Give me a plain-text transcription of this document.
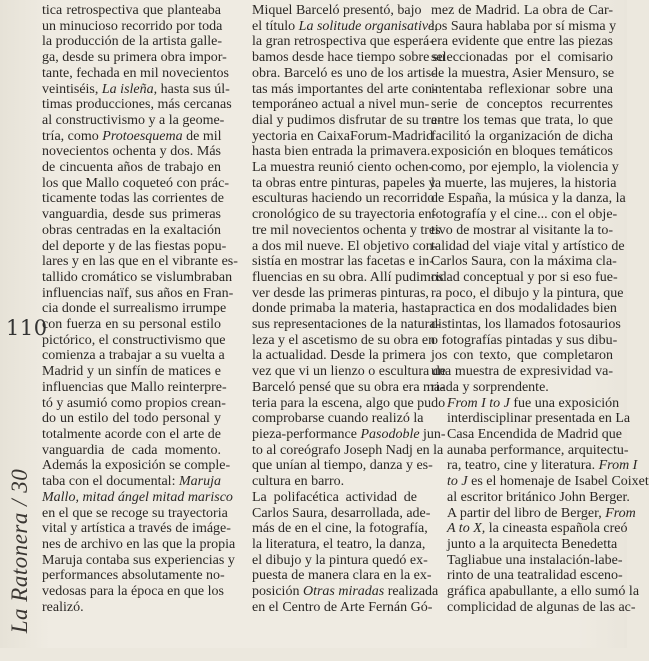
110
La Ratonera / 30

tica retrospectiva que planteaba
un minucioso recorrido por toda
la producción de la artista galle-
ga, desde su primera obra impor-
tante, fechada en mil novecientos
veintiséis, La isleña, hasta sus úl-
timas producciones, más cercanas
al constructivismo y a la geome-
tría, como Protoesquema de mil
novecientos ochenta y dos. Más
de cincuenta años de trabajo en
los que Mallo coqueteó con prác-
ticamente todas las corrientes de
vanguardia, desde sus primeras
obras centradas en la exaltación
del deporte y de las fiestas popu-
lares y en las que en el vibrante es-
tallido cromático se vislumbraban
influencias naïf, sus años en Fran-
cia donde el surrealismo irrumpe
con fuerza en su personal estilo
pictórico, el constructivismo que
comienza a trabajar a su vuelta a
Madrid y un sinfín de matices e
influencias que Mallo reinterpre-
tó y asumió como propios crean-
do un estilo del todo personal y
totalmente acorde con el arte de
vanguardia de cada momento.
Además la exposición se comple-
taba con el documental: Maruja
Mallo, mitad ángel mitad marisco
en el que se recoge su trayectoria
vital y artística a través de imáge-
nes de archivo en las que la propia
Maruja contaba sus experiencias y
performances absolutamente no-
vedosas para la época en que los
realizó.

Miquel Barceló presentó, bajo
el título La solitude organisative,
la gran retrospectiva que esperá-
bamos desde hace tiempo sobre su
obra. Barceló es uno de los artis-
tas más importantes del arte con-
temporáneo actual a nivel mun-
dial y pudimos disfrutar de su tra-
yectoria en CaixaForum-Madrid
hasta bien entrada la primavera.
La muestra reunió ciento ochen-
ta obras entre pinturas, papeles y
esculturas haciendo un recorrido
cronológico de su trayectoria en-
tre mil novecientos ochenta y tres
a dos mil nueve. El objetivo con-
sistía en mostrar las facetas e in-
fluencias en su obra. Allí pudimos
ver desde las primeras pinturas,
donde primaba la materia, hasta
sus representaciones de la natura-
leza y el ascetismo de su obra en
la actualidad. Desde la primera
vez que vi un lienzo o escultura de
Barceló pensé que su obra era ma-
teria para la escena, algo que pudo
comprobarse cuando realizó la
pieza-performance Pasodoble jun-
to al coreógrafo Joseph Nadj en la
que unían al tiempo, danza y es-
cultura en barro.

La polifacética actividad de
Carlos Saura, desarrollada, ade-
más de en el cine, la fotografía,
la literatura, el teatro, la danza,
el dibujo y la pintura quedó ex-
puesta de manera clara en la ex-
posición Otras miradas realizada
en el Centro de Arte Fernán Gó-

mez de Madrid. La obra de Car-
los Saura hablaba por sí misma y
era evidente que entre las piezas
seleccionadas por el comisario
de la muestra, Asier Mensuro, se
intentaba reflexionar sobre una
serie de conceptos recurrentes
entre los temas que trata, lo que
facilitó la organización de dicha
exposición en bloques temáticos
como, por ejemplo, la violencia y
la muerte, las mujeres, la historia
de España, la música y la danza, la
fotografía y el cine... con el obje-
tivo de mostrar al visitante la to-
talidad del viaje vital y artístico de
Carlos Saura, con la máxima cla-
ridad conceptual y por si eso fue-
ra poco, el dibujo y la pintura, que
practica en dos modalidades bien
distintas, los llamados fotosaurios
o fotografías pintadas y sus dibu-
jos con texto, que completaron
una muestra de expresividad va-
riada y sorprendente.

From I to J fue una exposición
interdisciplinar presentada en La
Casa Encendida de Madrid que
aunaba performance, arquitectu-
ra, teatro, cine y literatura. From I
to J es el homenaje de Isabel Coixet
al escritor británico John Berger.
A partir del libro de Berger, From
A to X, la cineasta española creó
junto a la arquitecta Benedetta
Tagliabue una instalación-labe-
rinto de una teatralidad esceno-
gráfica apabullante, a ello sumó la
complicidad de algunas de las ac-
